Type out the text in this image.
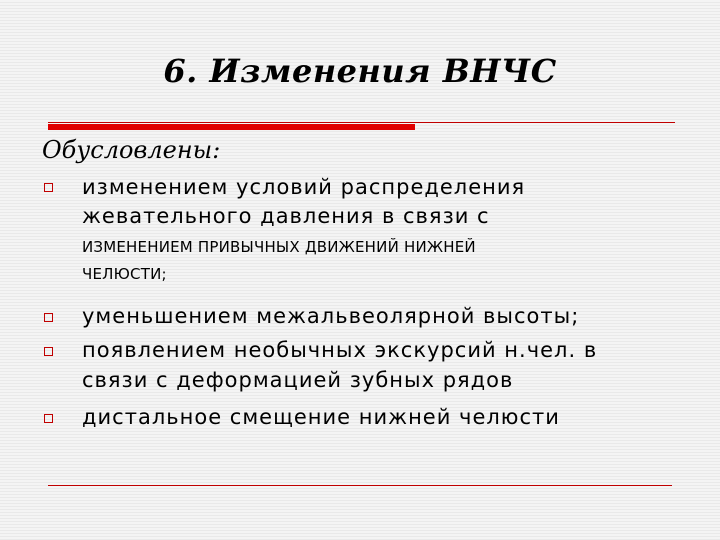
6. Изменения ВНЧС
Обусловлены:
изменением условий распределения
жевательного давления в связи с
ИЗМЕНЕНИЕМ ПРИВЫЧНЫХ ДВИЖЕНИЙ НИЖНЕЙ
ЧЕЛЮСТИ;
уменьшением межальвеолярной высоты;
появлением необычных экскурсий н.чел. в
связи с деформацией зубных рядов
дистальное смещение нижней челюсти
